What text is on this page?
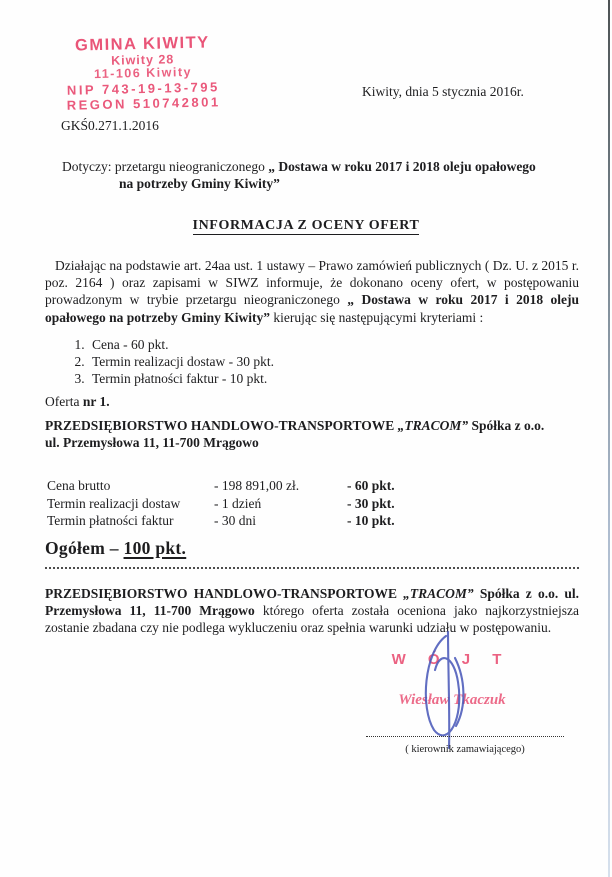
GMINA KIWITY
Kiwity 28
11-106 Kiwity
NIP 743-19-13-795
REGON 510742801
Kiwity, dnia 5 stycznia 2016r.
GKŚ0.271.1.2016
Dotyczy: przetargu nieograniczonego „ Dostawa w roku 2017 i 2018 oleju opałowego
na potrzeby Gminy Kiwity”
INFORMACJA Z OCENY OFERT
Działając na podstawie art. 24aa ust. 1 ustawy – Prawo zamówień publicznych ( Dz. U. z 2015 r. poz. 2164 ) oraz zapisami w SIWZ informuje, że dokonano oceny ofert, w postępowaniu prowadzonym w trybie przetargu nieograniczonego „ Dostawa w roku 2017 i 2018 oleju opałowego na potrzeby Gminy Kiwity” kierując się następującymi kryteriami :
1. Cena - 60 pkt.
2. Termin realizacji dostaw - 30 pkt.
3. Termin płatności faktur - 10 pkt.
Oferta nr 1.
PRZEDSIĘBIORSTWO HANDLOWO-TRANSPORTOWE „TRACOM” Spółka z o.o.
ul. Przemysłowa 11, 11-700 Mrągowo
Cena brutto	- 198 891,00 zł.	- 60 pkt.
Termin realizacji dostaw	- 1 dzień	- 30 pkt.
Termin płatności faktur	- 30 dni	- 10 pkt.
Ogółem – 100 pkt.
PRZEDSIĘBIORSTWO HANDLOWO-TRANSPORTOWE „TRACOM” Spółka z o.o. ul. Przemysłowa 11, 11-700 Mrągowo którego oferta została oceniona jako najkorzystniejsza zostanie zbadana czy nie podlega wykluczeniu oraz spełnia warunki udziału w postępowaniu.
W Ó J T
Wiesław Tkaczuk
( kierownik zamawiającego)
